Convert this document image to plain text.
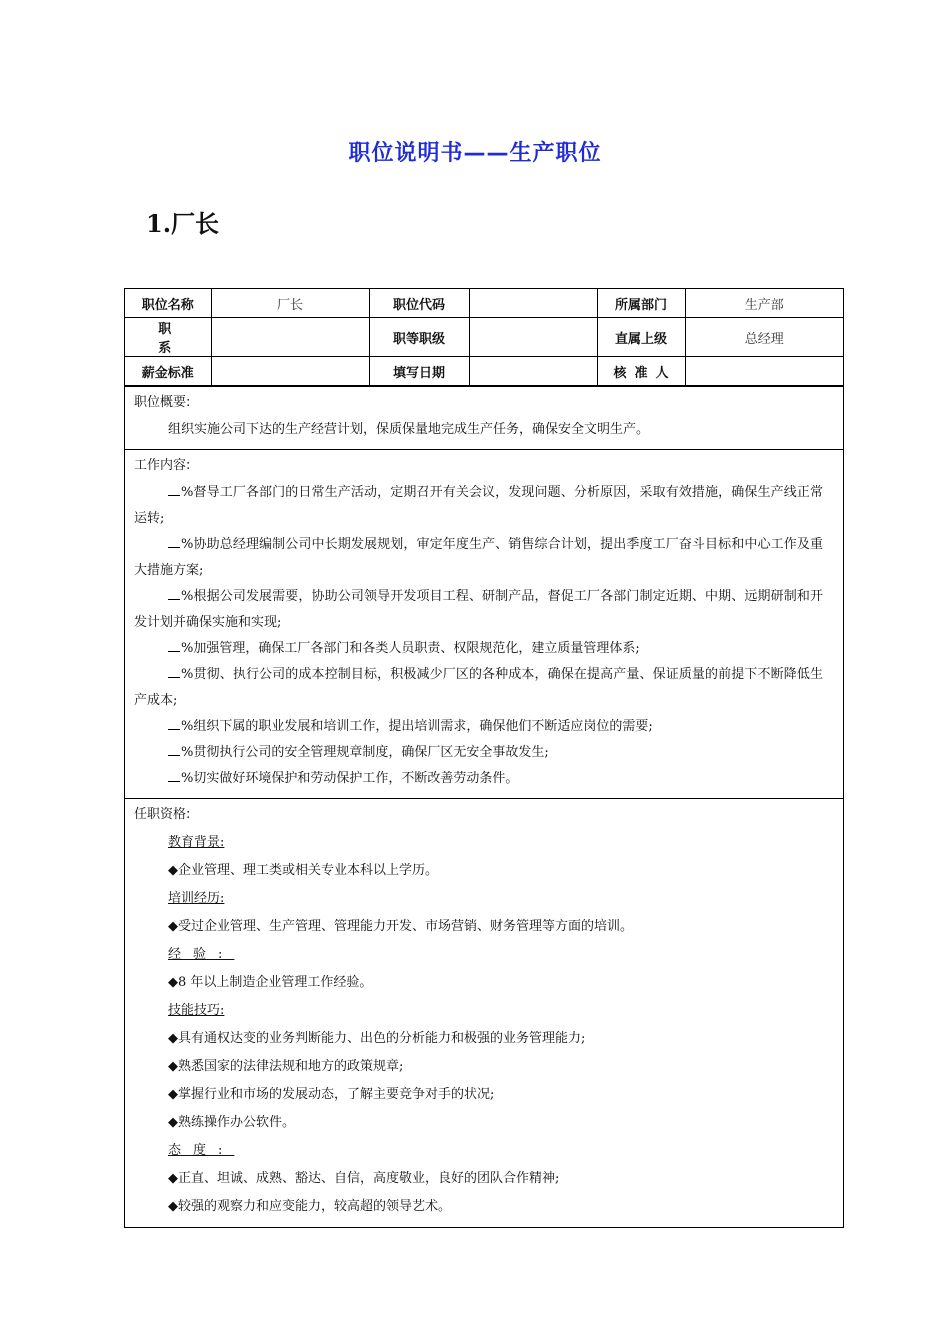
职位说明书——生产职位
1.厂长
职位名称	厂长	职位代码		所属部门	生产部
职系		职等职级		直属上级	总经理
薪金标准		填写日期		核准人	
职位概要:

组织实施公司下达的生产经营计划，保质保量地完成生产任务，确保安全文明生产。

工作内容:

%督导工厂各部门的日常生产活动，定期召开有关会议，发现问题、分析原因，采取有效措施，确保生产线正常运转;

%协助总经理编制公司中长期发展规划，审定年度生产、销售综合计划，提出季度工厂奋斗目标和中心工作及重大措施方案;

%根据公司发展需要，协助公司领导开发项目工程、研制产品，督促工厂各部门制定近期、中期、远期研制和开发计划并确保实施和实现;

%加强管理，确保工厂各部门和各类人员职责、权限规范化，建立质量管理体系;

%贯彻、执行公司的成本控制目标，积极减少厂区的各种成本，确保在提高产量、保证质量的前提下不断降低生产成本;

%组织下属的职业发展和培训工作，提出培训需求，确保他们不断适应岗位的需要;

%贯彻执行公司的安全管理规章制度，确保厂区无安全事故发生;

%切实做好环境保护和劳动保护工作，不断改善劳动条件。

任职资格:
教育背景:
◆企业管理、理工类或相关专业本科以上学历。
培训经历:
◆受过企业管理、生产管理、管理能力开发、市场营销、财务管理等方面的培训。
经验:
◆8 年以上制造企业管理工作经验。
技能技巧:
◆具有通权达变的业务判断能力、出色的分析能力和极强的业务管理能力;
◆熟悉国家的法律法规和地方的政策规章;
◆掌握行业和市场的发展动态，了解主要竞争对手的状况;
◆熟练操作办公软件。
态度:
◆正直、坦诚、成熟、豁达、自信，高度敬业，良好的团队合作精神;
◆较强的观察力和应变能力，较高超的领导艺术。
